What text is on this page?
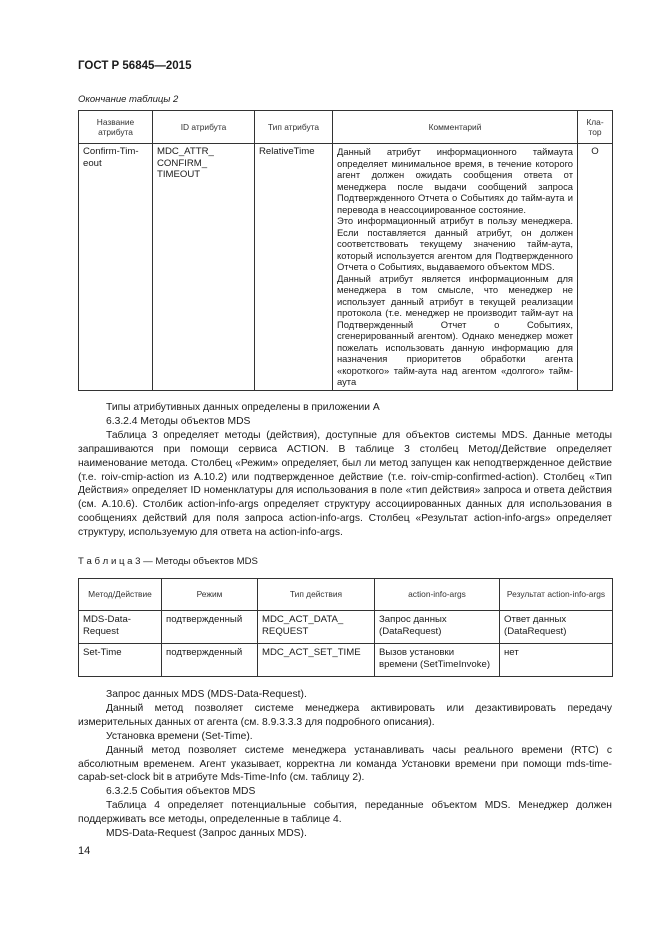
ГОСТ Р 56845—2015
Окончание таблицы 2
Название атрибута	ID атрибута	Тип атрибута	Комментарий	Кла-тор
Confirm-Tim-eout	MDC_ATTR_ CONFIRM_ TIMEOUT	RelativeTime	Данный атрибут информационного таймаута определяет минимальное время, в течение которого агент должен ожидать сообщения ответа от менеджера после выдачи сообщений запроса Подтвержденного Отчета о Событиях до тайм-аута и перевода в неассоциированное состояние.

Это информационный атрибут в пользу менеджера. Если поставляется данный атрибут, он должен соответствовать текущему значению тайм-аута, который используется агентом для Подтвержденного Отчета о Событиях, выдаваемого объектом MDS.

Данный атрибут является информационным для менеджера в том смысле, что менеджер не использует данный атрибут в текущей реализации протокола (т.е. менеджер не производит тайм-аут на Подтвержденный Отчет о Событиях, сгенерированный агентом). Однако менеджер может пожелать использовать данную информацию для назначения приоритетов обработки агента «короткого» тайм-аута над агентом «долгого» тайм-аута	O

Типы атрибутивных данных определены в приложении A

6.3.2.4 Методы объектов MDS

Таблица 3 определяет методы (действия), доступные для объектов системы MDS. Данные методы запрашиваются при помощи сервиса ACTION. В таблице 3 столбец Метод/Действие определяет наименование метода. Столбец «Режим» определяет, был ли метод запущен как неподтвержденное действие (т.е. roiv-cmip-action из A.10.2) или подтвержденное действие (т.е. roiv-cmip-confirmed-action). Столбец «Тип Действия» определяет ID номенклатуры для использования в поле «тип действия» запроса и ответа действия (см. A.10.6). Столбик action-info-args определяет структуру ассоциированных данных для использования в сообщениях действий для поля запроса action-info-args. Столбец «Результат action-info-args» определяет структуру, используемую для ответа на action-info-args.

Т а б л и ц а 3 — Методы объектов MDS
Метод/Действие	Режим	Тип действия	action-info-args	Результат action-info-args
MDS-Data-Request	подтвержденный	MDC_ACT_DATA_ REQUEST	Запрос данных (DataRequest)	Ответ данных (DataRequest)
Set-Time	подтвержденный	MDC_ACT_SET_TIME	Вызов установки времени (SetTimeInvoke)	нет

Запрос данных MDS (MDS-Data-Request).

Данный метод позволяет системе менеджера активировать или дезактивировать передачу измерительных данных от агента (см. 8.9.3.3.3 для подробного описания).

Установка времени (Set-Time).

Данный метод позволяет системе менеджера устанавливать часы реального времени (RTC) с абсолютным временем. Агент указывает, корректна ли команда Установки времени при помощи mds-time-capab-set-clock bit в атрибуте Mds-Time-Info (см. таблицу 2).

6.3.2.5 События объектов MDS

Таблица 4 определяет потенциальные события, переданные объектом MDS. Менеджер должен поддерживать все методы, определенные в таблице 4.

MDS-Data-Request (Запрос данных MDS).

14
